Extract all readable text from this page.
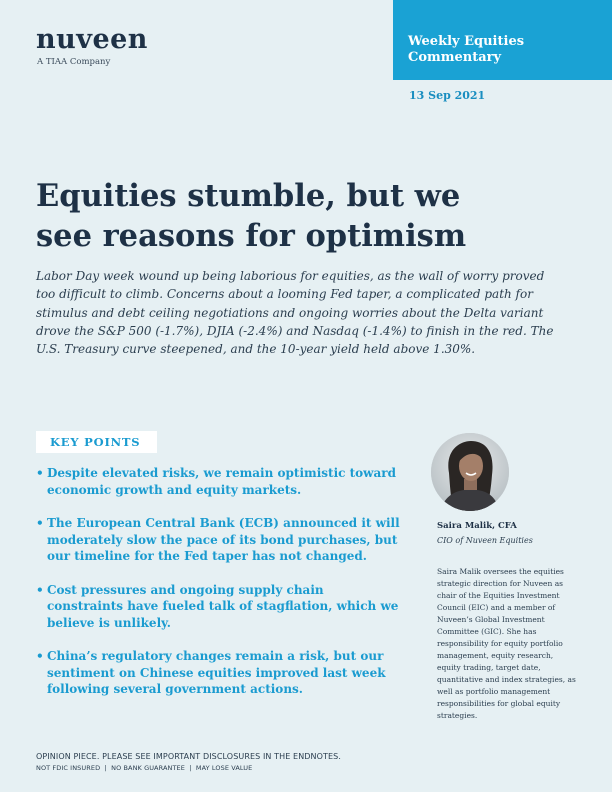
nuveen
A TIAA Company
Weekly Equities
Commentary
13 Sep 2021
Equities stumble, but we
see reasons for optimism

Labor Day week wound up being laborious for equities, as the wall of worry proved too difficult to climb. Concerns about a looming Fed taper, a complicated path for stimulus and debt ceiling negotiations and ongoing worries about the Delta variant drove the S&P 500 (-1.7%), DJIA (-2.4%) and Nasdaq (-1.4%) to finish in the red. The U.S. Treasury curve steepened, and the 10-year yield held above 1.30%.

KEY POINTS
• Despite elevated risks, we remain optimistic toward economic growth and equity markets.
• The European Central Bank (ECB) announced it will moderately slow the pace of its bond purchases, but our timeline for the Fed taper has not changed.
• Cost pressures and ongoing supply chain constraints have fueled talk of stagflation, which we believe is unlikely.
• China’s regulatory changes remain a risk, but our sentiment on Chinese equities improved last week following several government actions.
Saira Malik, CFA
CIO of Nuveen Equities

Saira Malik oversees the equities strategic direction for Nuveen as chair of the Equities Investment Council (EIC) and a member of Nuveen’s Global Investment Committee (GIC). She has responsibility for equity portfolio management, equity research, equity trading, target date, quantitative and index strategies, as well as portfolio management responsibilities for global equity strategies.

OPINION PIECE. PLEASE SEE IMPORTANT DISCLOSURES IN THE ENDNOTES.
NOT FDIC INSURED  |  NO BANK GUARANTEE  |  MAY LOSE VALUE
